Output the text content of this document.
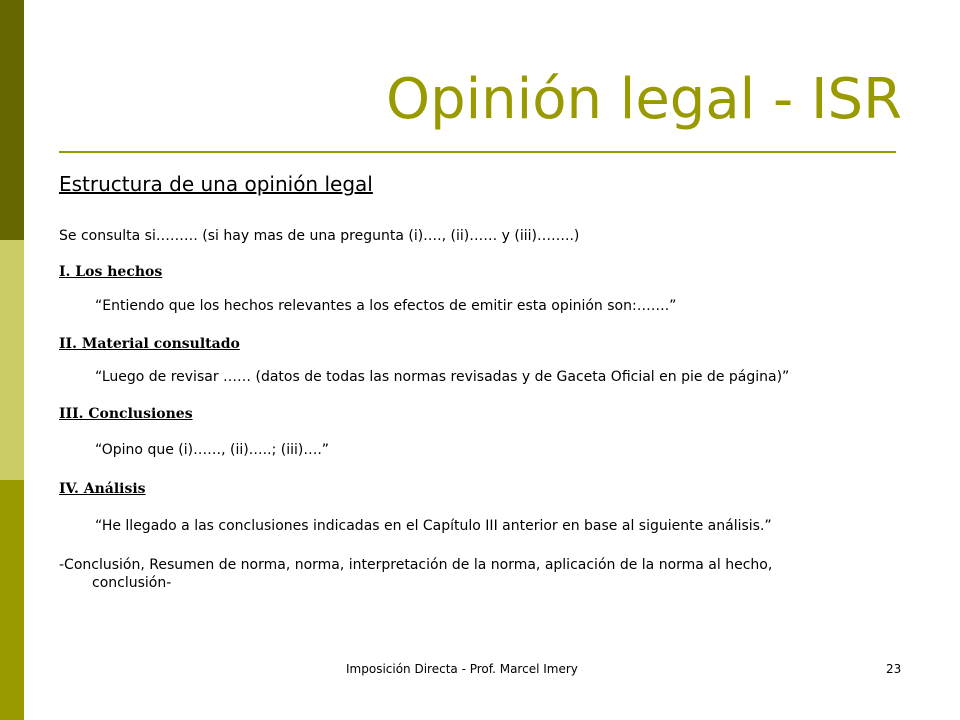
Opinión legal - ISR
Estructura de una opinión legal
Se consulta si……… (si hay mas de una pregunta (i)…., (ii)…… y (iii)……..)
I. Los hechos
“Entiendo que los hechos relevantes a los efectos de emitir esta opinión son:…….”
II. Material consultado
“Luego de revisar …… (datos de todas las normas revisadas y de Gaceta Oficial en pie de página)”
III. Conclusiones
“Opino que (i)……, (ii)…..; (iii)….”
IV. Análisis
“He llegado a las conclusiones indicadas en el Capítulo III anterior en base al siguiente análisis.”
-Conclusión, Resumen de norma, norma, interpretación de la norma, aplicación de la norma al hecho,
conclusión-
Imposición Directa - Prof. Marcel Imery	23
